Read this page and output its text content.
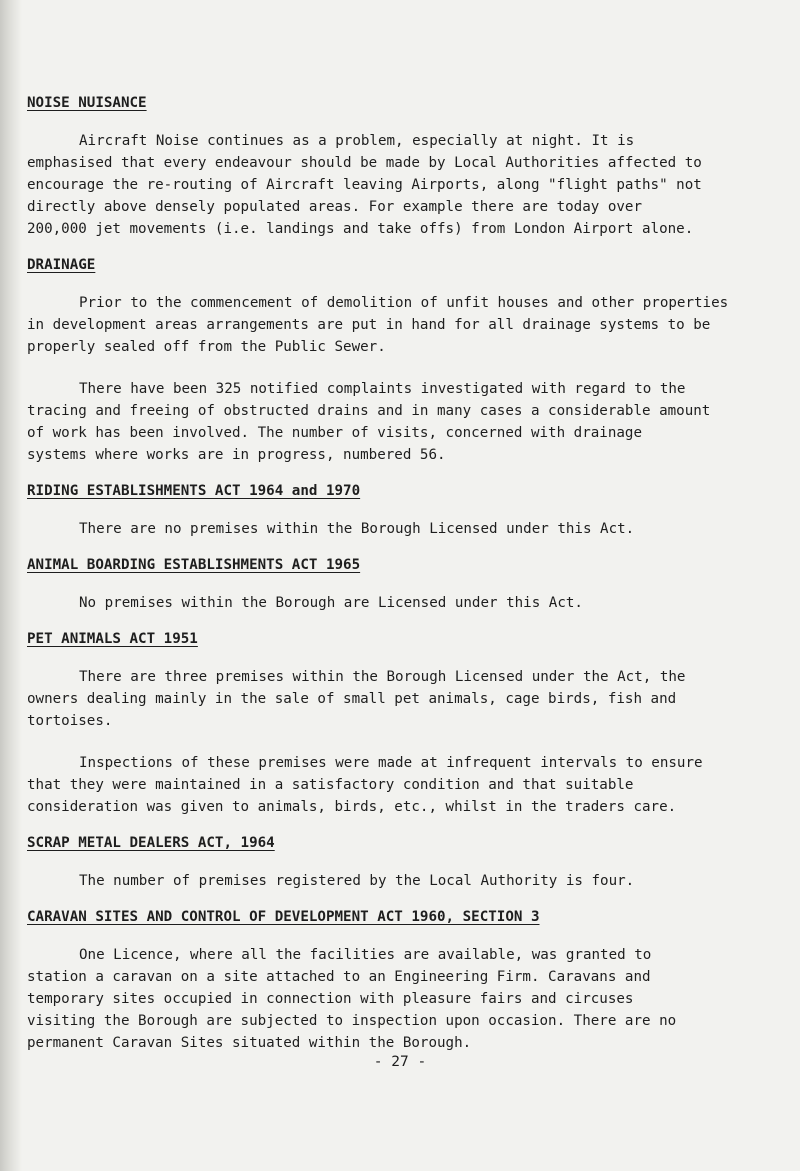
NOISE NUISANCE

Aircraft Noise continues as a problem, especially at night. It is
emphasised that every endeavour should be made by Local Authorities affected to
encourage the re-routing of Aircraft leaving Airports, along "flight paths" not
directly above densely populated areas. For example there are today over
200,000 jet movements (i.e. landings and take offs) from London Airport alone.

DRAINAGE

Prior to the commencement of demolition of unfit houses and other properties
in development areas arrangements are put in hand for all drainage systems to be
properly sealed off from the Public Sewer.

There have been 325 notified complaints investigated with regard to the
tracing and freeing of obstructed drains and in many cases a considerable amount
of work has been involved. The number of visits, concerned with drainage
systems where works are in progress, numbered 56.

RIDING ESTABLISHMENTS ACT 1964 and 1970

There are no premises within the Borough Licensed under this Act.

ANIMAL BOARDING ESTABLISHMENTS ACT 1965

No premises within the Borough are Licensed under this Act.

PET ANIMALS ACT 1951

There are three premises within the Borough Licensed under the Act, the
owners dealing mainly in the sale of small pet animals, cage birds, fish and
tortoises.

Inspections of these premises were made at infrequent intervals to ensure
that they were maintained in a satisfactory condition and that suitable
consideration was given to animals, birds, etc., whilst in the traders care.

SCRAP METAL DEALERS ACT, 1964

The number of premises registered by the Local Authority is four.

CARAVAN SITES AND CONTROL OF DEVELOPMENT ACT 1960, SECTION 3

One Licence, where all the facilities are available, was granted to
station a caravan on a site attached to an Engineering Firm. Caravans and
temporary sites occupied in connection with pleasure fairs and circuses
visiting the Borough are subjected to inspection upon occasion. There are no
permanent Caravan Sites situated within the Borough.

- 27 -
